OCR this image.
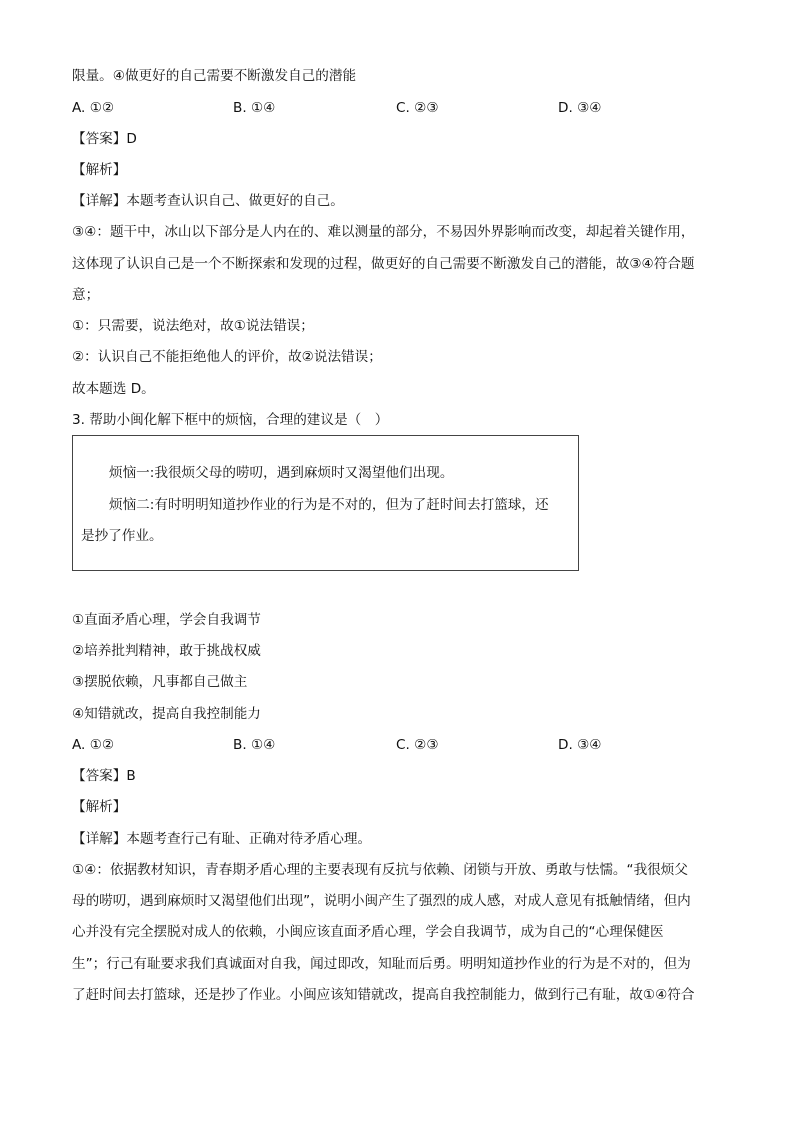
限量。④做更好的自己需要不断激发自己的潜能
A. ①②	B. ①④	C. ②③	D. ③④
【答案】D
【解析】
【详解】本题考查认识自己、做更好的自己。
③④：题干中，冰山以下部分是人内在的、难以测量的部分，不易因外界影响而改变，却起着关键作用，
这体现了认识自己是一个不断探索和发现的过程，做更好的自己需要不断激发自己的潜能，故③④符合题
意；
①：只需要，说法绝对，故①说法错误；
②：认识自己不能拒绝他人的评价，故②说法错误；
故本题选 D。
3. 帮助小闽化解下框中的烦恼，合理的建议是（　）
烦恼一:我很烦父母的唠叨，遇到麻烦时又渴望他们出现。
烦恼二:有时明明知道抄作业的行为是不对的，但为了赶时间去打篮球，还
是抄了作业。
①直面矛盾心理，学会自我调节
②培养批判精神，敢于挑战权威
③摆脱依赖，凡事都自己做主
④知错就改，提高自我控制能力
A. ①②	B. ①④	C. ②③	D. ③④
【答案】B
【解析】
【详解】本题考查行己有耻、正确对待矛盾心理。
①④：依据教材知识，青春期矛盾心理的主要表现有反抗与依赖、闭锁与开放、勇敢与怯懦。“我很烦父
母的唠叨，遇到麻烦时又渴望他们出现”，说明小闽产生了强烈的成人感，对成人意见有抵触情绪，但内
心并没有完全摆脱对成人的依赖，小闽应该直面矛盾心理，学会自我调节，成为自己的“心理保健医
生”；行己有耻要求我们真诚面对自我，闻过即改，知耻而后勇。明明知道抄作业的行为是不对的，但为
了赶时间去打篮球，还是抄了作业。小闽应该知错就改，提高自我控制能力，做到行己有耻，故①④符合
